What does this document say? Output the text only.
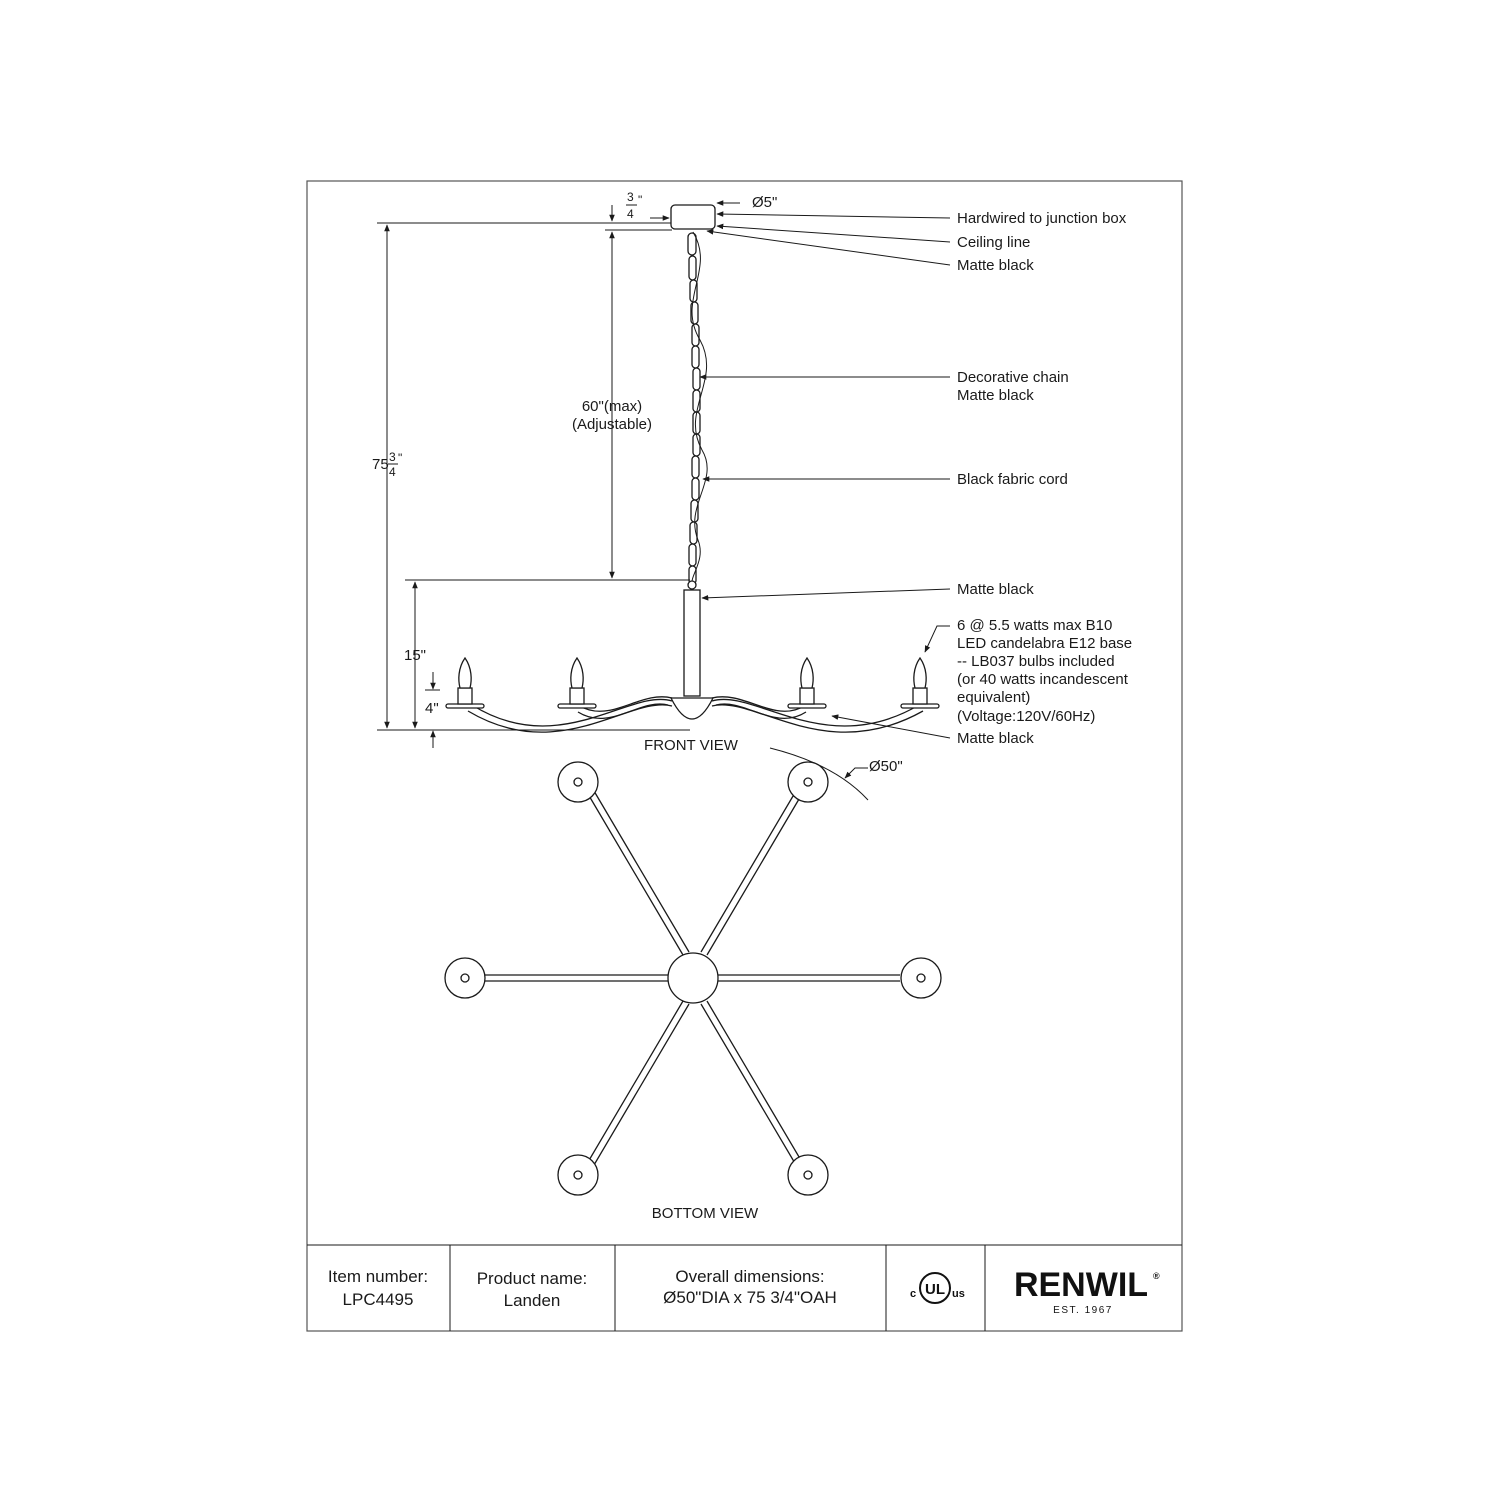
3
4
"	Ø5"
75 3
4
"
60"(max)
(Adjustable)
15"
4"
Ø50"
Hardwired to junction box
Ceiling line
Matte black
Decorative chain
Matte black
Black fabric cord
Matte black
6 @ 5.5 watts max B10
LED candelabra E12 base
-- LB037 bulbs included
(or 40 watts incandescent
equivalent)
(Voltage:120V/60Hz)
Matte black
FRONT VIEW
BOTTOM VIEW
Item number:
LPC4495
Product name:
Landen
Overall dimensions:
Ø50"DIA x 75 3/4"OAH	UL
c	us RENWIL ®
EST. 1967
